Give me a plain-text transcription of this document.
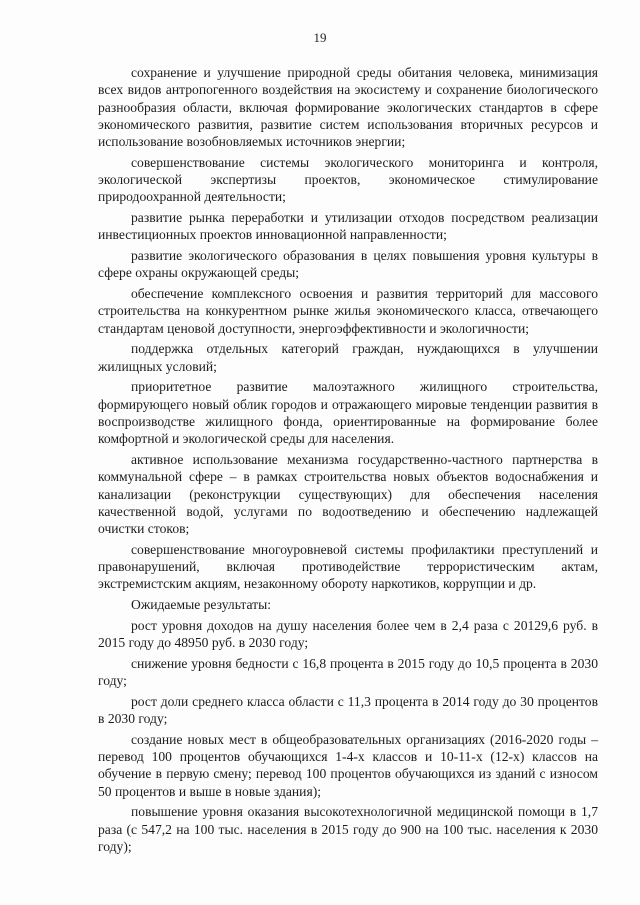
19

сохранение и улучшение природной среды обитания человека, минимизация всех видов антропогенного воздействия на экосистему и сохранение биологического разнообразия области, включая формирование экологических стандартов в сфере экономического развития, развитие систем использования вторичных ресурсов и использование возобновляемых источников энергии;

совершенствование системы экологического мониторинга и контроля, экологической экспертизы проектов, экономическое стимулирование природоохранной деятельности;

развитие рынка переработки и утилизации отходов посредством реализации инвестиционных проектов инновационной направленности;

развитие экологического образования в целях повышения уровня культуры в сфере охраны окружающей среды;

обеспечение комплексного освоения и развития территорий для массового строительства на конкурентном рынке жилья экономического класса, отвечающего стандартам ценовой доступности, энергоэффективности и экологичности;

поддержка отдельных категорий граждан, нуждающихся в улучшении жилищных условий;

приоритетное развитие малоэтажного жилищного строительства, формирующего новый облик городов и отражающего мировые тенденции развития в воспроизводстве жилищного фонда, ориентированные на формирование более комфортной и экологической среды для населения.

активное использование механизма государственно-частного партнерства в коммунальной сфере – в рамках строительства новых объектов водоснабжения и канализации (реконструкции существующих) для обеспечения населения качественной водой, услугами по водоотведению и обеспечению надлежащей очистки стоков;

совершенствование многоуровневой системы профилактики преступлений и правонарушений, включая противодействие террористическим актам, экстремистским акциям, незаконному обороту наркотиков, коррупции и др.

Ожидаемые результаты:

рост уровня доходов на душу населения более чем в 2,4 раза с 20129,6 руб. в 2015 году до 48950 руб. в 2030 году;

снижение уровня бедности с 16,8 процента в 2015 году до 10,5 процента в 2030 году;

рост доли среднего класса области с 11,3 процента в 2014 году до 30 процентов в 2030 году;

создание новых мест в общеобразовательных организациях (2016-2020 годы – перевод 100 процентов обучающихся 1-4-х классов и 10-11-х (12-х) классов на обучение в первую смену; перевод 100 процентов обучающихся из зданий с износом 50 процентов и выше в новые здания);

повышение уровня оказания высокотехнологичной медицинской помощи в 1,7 раза (с 547,2 на 100 тыс. населения в 2015 году до 900 на 100 тыс. населения к 2030 году);
